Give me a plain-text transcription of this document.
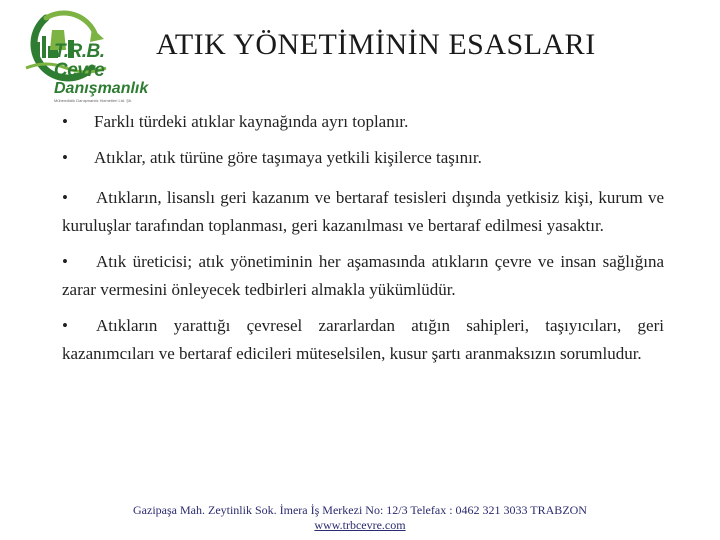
T.R.B. Çevre
Danışmanlık
Mühendislik Danışmanlık Hizmetleri Ltd. Şti.
ATIK YÖNETİMİNİN ESASLARI
•	Farklı türdeki atıklar kaynağında ayrı toplanır.
•	Atıklar, atık türüne göre taşımaya yetkili kişilerce taşınır.
• Atıkların, lisanslı geri kazanım ve bertaraf tesisleri dışında yetkisiz kişi, kurum ve kuruluşlar tarafından toplanması, geri kazanılması ve bertaraf edilmesi yasaktır.
• Atık üreticisi; atık yönetiminin her aşamasında atıkların çevre ve insan sağlığına zarar vermesini önleyecek tedbirleri almakla yükümlüdür.
• Atıkların yarattığı çevresel zararlardan atığın sahipleri, taşıyıcıları, geri kazanımcıları ve bertaraf edicileri müteselsilen, kusur şartı aranmaksızın sorumludur.
Gazipaşa Mah. Zeytinlik Sok. İmera İş Merkezi No: 12/3 Telefax : 0462 321 3033 TRABZON
www.trbcevre.com
